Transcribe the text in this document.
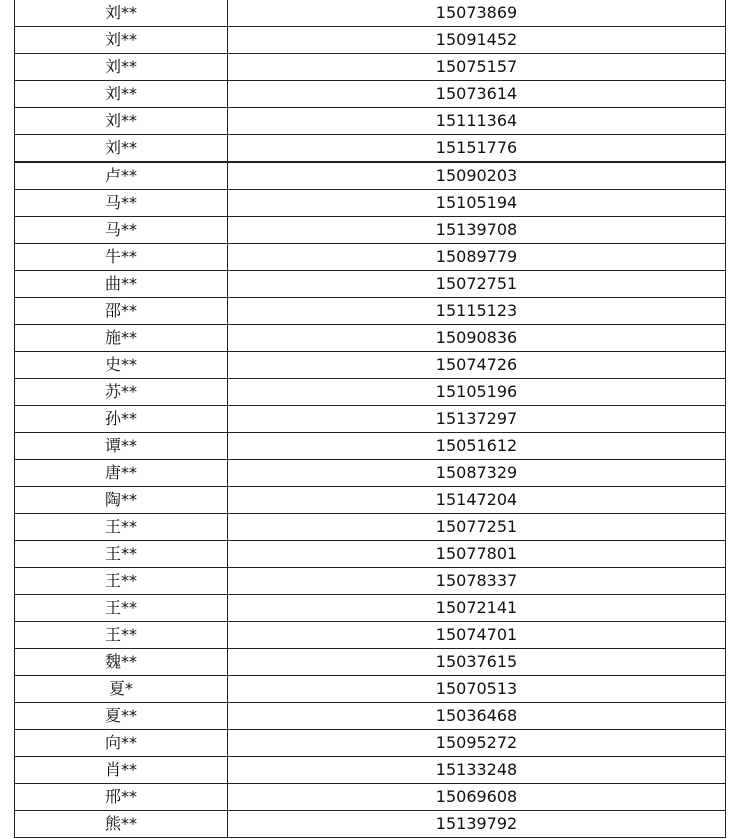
刘**	15073869
刘**	15091452
刘**	15075157
刘**	15073614
刘**	15111364
刘**	15151776
卢**	15090203
马**	15105194
马**	15139708
牛**	15089779
曲**	15072751
邵**	15115123
施**	15090836
史**	15074726
苏**	15105196
孙**	15137297
谭**	15051612
唐**	15087329
陶**	15147204
王**	15077251
王**	15077801
王**	15078337
王**	15072141
王**	15074701
魏**	15037615
夏*	15070513
夏**	15036468
向**	15095272
肖**	15133248
邢**	15069608
熊**	15139792
